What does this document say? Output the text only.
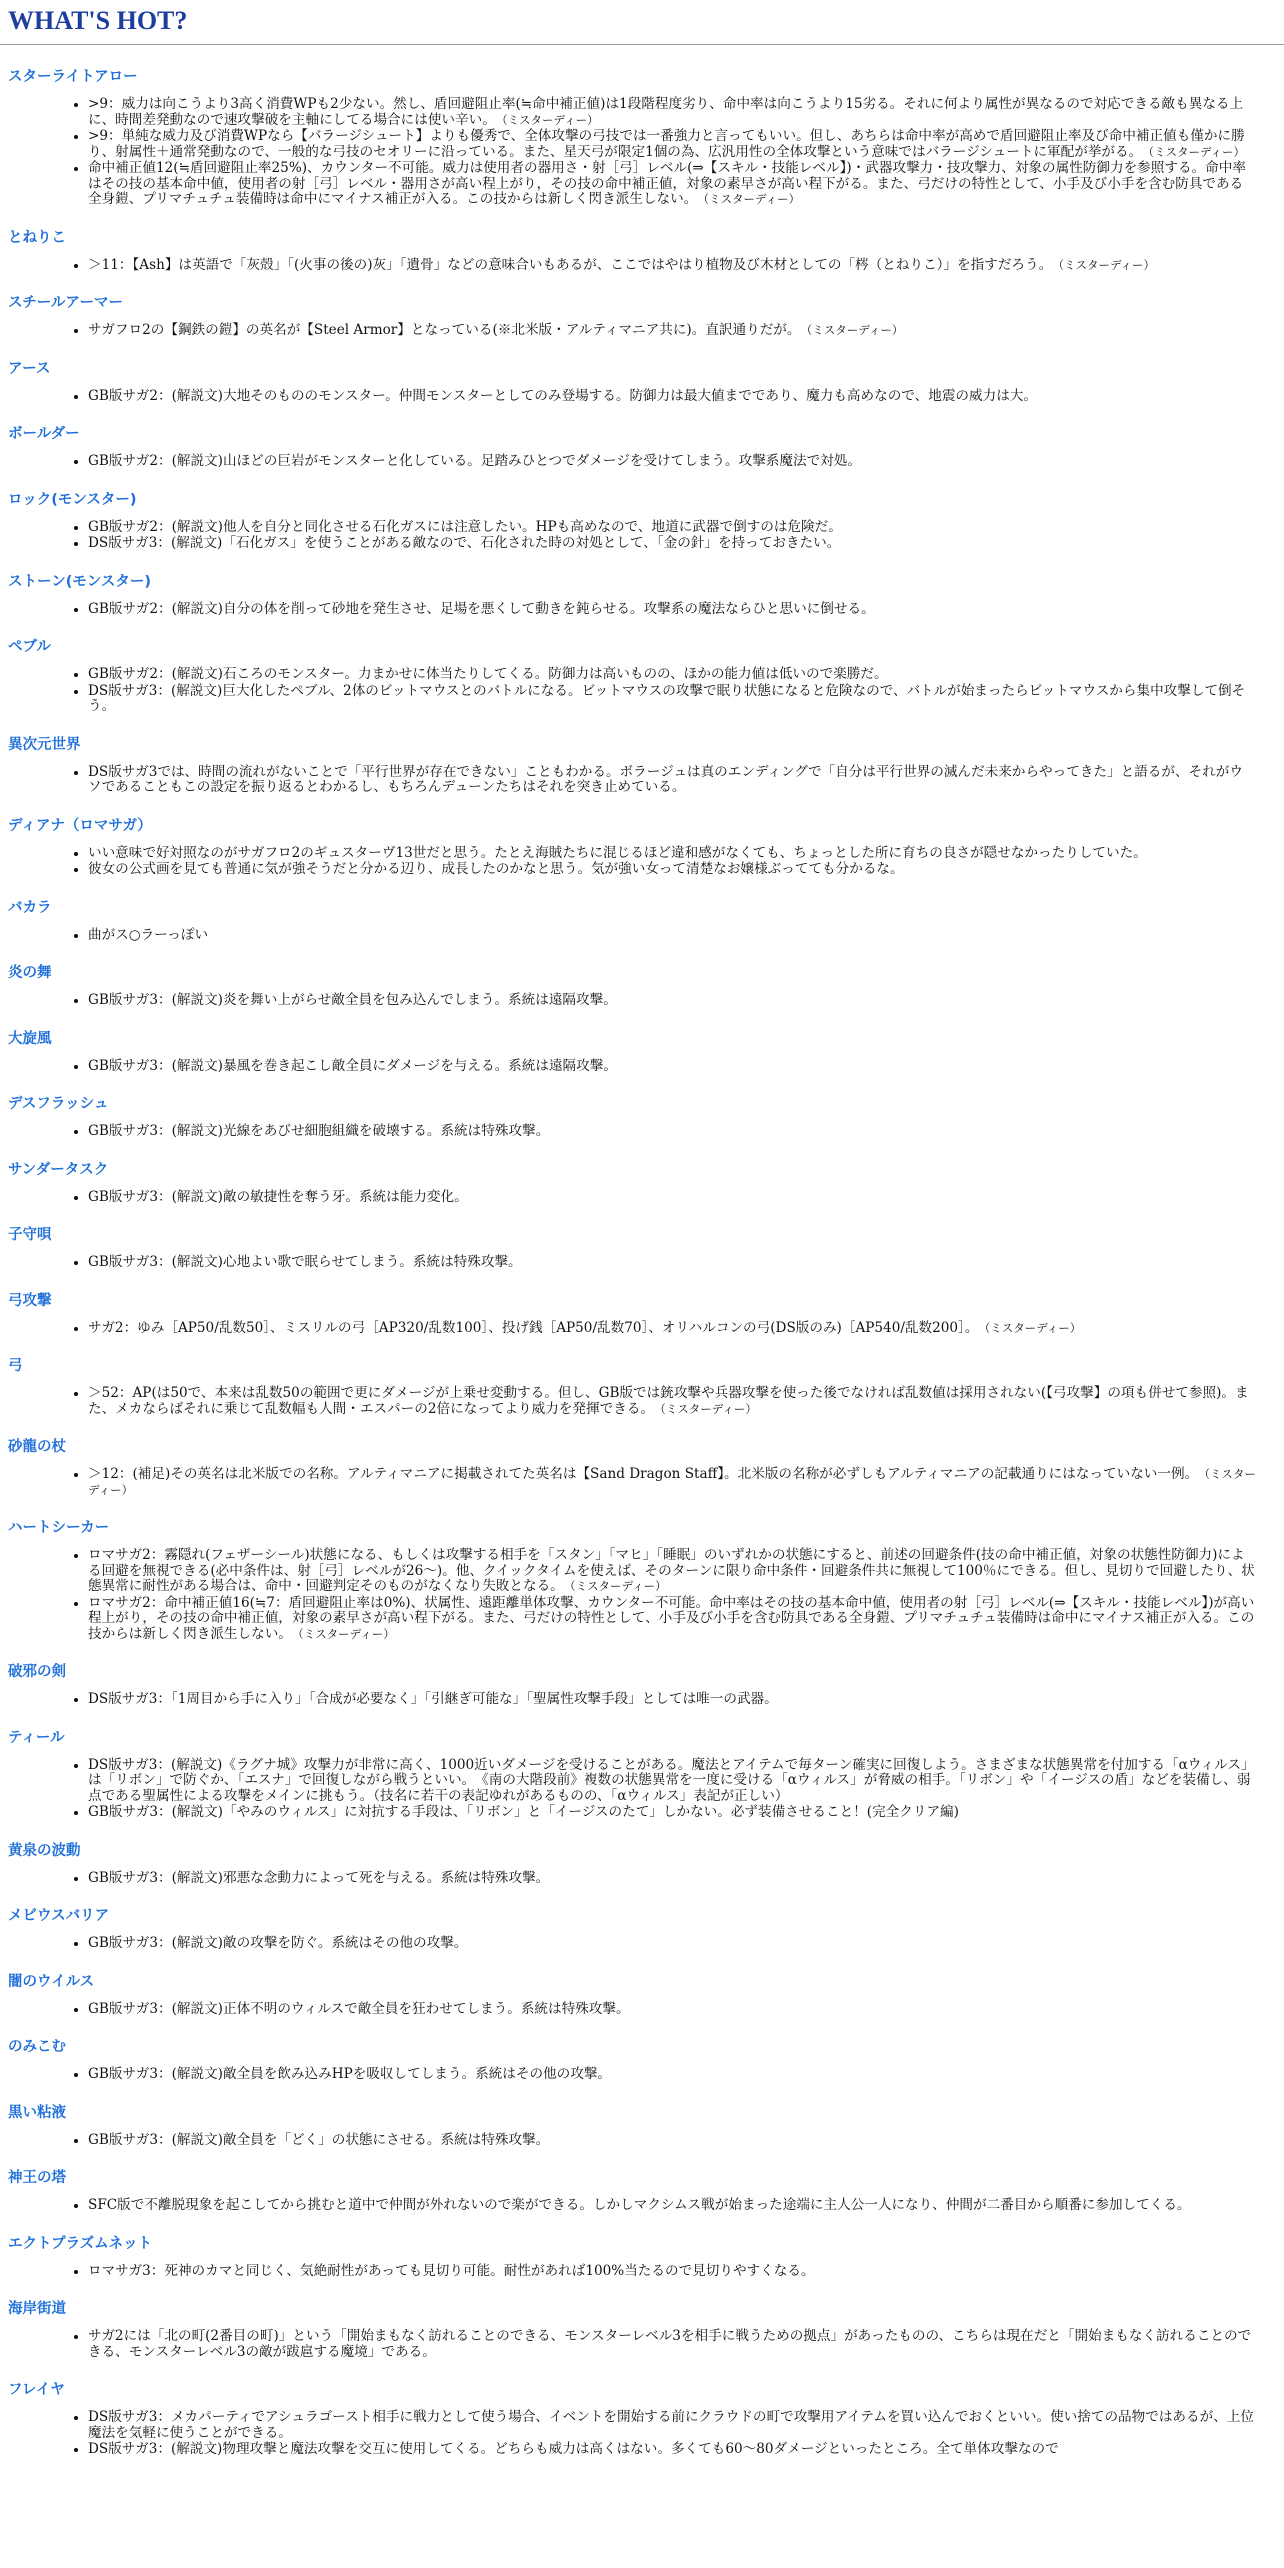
WHAT'S HOT?
スターライトアロー
• >9：威力は向こうより3高く消費WPも2少ない。然し、盾回避阻止率(≒命中補正値)は1段階程度劣り、命中率は向こうより15劣る。それに何より属性が異なるので対応できる敵も異なる上に、時間差発動なので速攻撃破を主軸にしてる場合には使い辛い。 （ミスターディー）
• >9：単純な威力及び消費WPなら【バラージシュート】よりも優秀で、全体攻撃の弓技では一番強力と言ってもいい。但し、あちらは命中率が高めで盾回避阻止率及び命中補正値も僅かに勝り、射属性＋通常発動なので、一般的な弓技のセオリーに沿っている。また、星天弓が限定1個の為、広汎用性の全体攻撃という意味ではバラージシュートに軍配が挙がる。 （ミスターディー）
• 命中補正値12(≒盾回避阻止率25%)、カウンター不可能。威力は使用者の器用さ・射［弓］レベル(⇒【スキル・技能レベル】)・武器攻撃力・技攻撃力、対象の属性防御力を参照する。命中率はその技の基本命中値，使用者の射［弓］レベル・器用さが高い程上がり，その技の命中補正値，対象の素早さが高い程下がる。また、弓だけの特性として、小手及び小手を含む防具である全身鎧、プリマチュチュ装備時は命中にマイナス補正が入る。この技からは新しく閃き派生しない。 （ミスターディー）
とねりこ
• ＞11：【Ash】は英語で「灰殻」「(火事の後の)灰」「遺骨」などの意味合いもあるが、ここではやはり植物及び木材としての「梣（とねりこ）」を指すだろう。 （ミスターディー）
スチールアーマー
• サガフロ2の【鋼鉄の鎧】の英名が【Steel Armor】となっている(※北米版・アルティマニア共に)。直訳通りだが。 （ミスターディー）
アース
• GB版サガ2：(解説文)大地そのもののモンスター。仲間モンスターとしてのみ登場する。防御力は最大値までであり、魔力も高めなので、地震の威力は大。
ボールダー
• GB版サガ2：(解説文)山ほどの巨岩がモンスターと化している。足踏みひとつでダメージを受けてしまう。攻撃系魔法で対処。
ロック(モンスター)
• GB版サガ2：(解説文)他人を自分と同化させる石化ガスには注意したい。HPも高めなので、地道に武器で倒すのは危険だ。
• DS版サガ3：(解説文)「石化ガス」を使うことがある敵なので、石化された時の対処として、「金の針」を持っておきたい。
ストーン(モンスター)
• GB版サガ2：(解説文)自分の体を削って砂地を発生させ、足場を悪くして動きを鈍らせる。攻撃系の魔法ならひと思いに倒せる。
ペブル
• GB版サガ2：(解説文)石ころのモンスター。力まかせに体当たりしてくる。防御力は高いものの、ほかの能力値は低いので楽勝だ。
• DS版サガ3：(解説文)巨大化したペブル、2体のビットマウスとのバトルになる。ビットマウスの攻撃で眠り状態になると危険なので、バトルが始まったらビットマウスから集中攻撃して倒そう。
異次元世界
• DS版サガ3では、時間の流れがないことで「平行世界が存在できない」こともわかる。ボラージュは真のエンディングで「自分は平行世界の滅んだ未来からやってきた」と語るが、それがウソであることもこの設定を振り返るとわかるし、もちろんデューンたちはそれを突き止めている。
ディアナ（ロマサガ）
• いい意味で好対照なのがサガフロ2のギュスターヴ13世だと思う。たとえ海賊たちに混じるほど違和感がなくても、ちょっとした所に育ちの良さが隠せなかったりしていた。
• 彼女の公式画を見ても普通に気が強そうだと分かる辺り、成長したのかなと思う。気が強い女って清楚なお嬢様ぶってても分かるな。
バカラ
• 曲がス○ラーっぽい
炎の舞
• GB版サガ3：(解説文)炎を舞い上がらせ敵全員を包み込んでしまう。系統は遠隔攻撃。
大旋風
• GB版サガ3：(解説文)暴風を巻き起こし敵全員にダメージを与える。系統は遠隔攻撃。
デスフラッシュ
• GB版サガ3：(解説文)光線をあびせ細胞組織を破壊する。系統は特殊攻撃。
サンダータスク
• GB版サガ3：(解説文)敵の敏捷性を奪う牙。系統は能力変化。
子守唄
• GB版サガ3：(解説文)心地よい歌で眠らせてしまう。系統は特殊攻撃。
弓攻撃
• サガ2：ゆみ［AP50/乱数50］、ミスリルの弓［AP320/乱数100］、投げ銭［AP50/乱数70］、オリハルコンの弓(DS版のみ)［AP540/乱数200］。 （ミスターディー）
弓
• ＞52：AP(は50で、本来は乱数50の範囲で更にダメージが上乗せ変動する。但し、GB版では銃攻撃や兵器攻撃を使った後でなければ乱数値は採用されない(【弓攻撃】の項も併せて参照)。また、メカならばそれに乗じて乱数幅も人間・エスパーの2倍になってより威力を発揮できる。 （ミスターディー）
砂龍の杖
• ＞12：(補足)その英名は北米版での名称。アルティマニアに掲載されてた英名は【Sand Dragon Staff】。北米版の名称が必ずしもアルティマニアの記載通りにはなっていない一例。 （ミスターディー）
ハートシーカー
• ロマサガ2：霧隠れ(フェザーシール)状態になる、もしくは攻撃する相手を「スタン」「マヒ」「睡眠」のいずれかの状態にすると、前述の回避条件(技の命中補正値，対象の状態性防御力)による回避を無視できる(必中条件は、射［弓］レベルが26～)。他、クイックタイムを使えば、そのターンに限り命中条件・回避条件共に無視して100％にできる。但し、見切りで回避したり、状態異常に耐性がある場合は、命中・回避判定そのものがなくなり失敗となる。 （ミスターディー）
• ロマサガ2：命中補正値16(≒7：盾回避阻止率は0%)、状属性、遠距離単体攻撃、カウンター不可能。命中率はその技の基本命中値，使用者の射［弓］レベル(⇒【スキル・技能レベル】)が高い程上がり，その技の命中補正値，対象の素早さが高い程下がる。また、弓だけの特性として、小手及び小手を含む防具である全身鎧、プリマチュチュ装備時は命中にマイナス補正が入る。この技からは新しく閃き派生しない。 （ミスターディー）
破邪の剣
• DS版サガ3：「1周目から手に入り」「合成が必要なく」「引継ぎ可能な」「聖属性攻撃手段」としては唯一の武器。
ティール
• DS版サガ3：(解説文)《ラグナ城》攻撃力が非常に高く、1000近いダメージを受けることがある。魔法とアイテムで毎ターン確実に回復しよう。さまざまな状態異常を付加する「αウィルス」は「リボン」で防ぐか、「エスナ」で回復しながら戦うといい。　《南の大階段前》複数の状態異常を一度に受ける「αウィルス」が脅威の相手。「リボン」や「イージスの盾」などを装備し、弱点である聖属性による攻撃をメインに挑もう。（技名に若干の表記ゆれがあるものの、「αウィルス」表記が正しい）
• GB版サガ3：(解説文)「やみのウィルス」に対抗する手段は、「リボン」と「イージスのたて」しかない。必ず装備させること！(完全クリア編)
黄泉の波動
• GB版サガ3：(解説文)邪悪な念動力によって死を与える。系統は特殊攻撃。
メビウスバリア
• GB版サガ3：(解説文)敵の攻撃を防ぐ。系統はその他の攻撃。
闇のウイルス
• GB版サガ3：(解説文)正体不明のウィルスで敵全員を狂わせてしまう。系統は特殊攻撃。
のみこむ
• GB版サガ3：(解説文)敵全員を飲み込みHPを吸収してしまう。系統はその他の攻撃。
黒い粘液
• GB版サガ3：(解説文)敵全員を「どく」の状態にさせる。系統は特殊攻撃。
神王の塔
• SFC版で不離脱現象を起こしてから挑むと道中で仲間が外れないので楽ができる。しかしマクシムス戦が始まった途端に主人公一人になり、仲間が二番目から順番に参加してくる。
エクトプラズムネット
• ロマサガ3：死神のカマと同じく、気絶耐性があっても見切り可能。耐性があれば100%当たるので見切りやすくなる。
海岸街道
• サガ2には「北の町(2番目の町)」という「開始まもなく訪れることのできる、モンスターレベル3を相手に戦うための拠点」があったものの、こちらは現在だと「開始まもなく訪れることのできる、モンスターレベル3の敵が跋扈する魔境」である。
フレイヤ
• DS版サガ3：メカパーティでアシュラゴースト相手に戦力として使う場合、イベントを開始する前にクラウドの町で攻撃用アイテムを買い込んでおくといい。使い捨ての品物ではあるが、上位魔法を気軽に使うことができる。
• DS版サガ3：(解説文)物理攻撃と魔法攻撃を交互に使用してくる。どちらも威力は高くはない。多くても60～80ダメージといったところ。全て単体攻撃なので
